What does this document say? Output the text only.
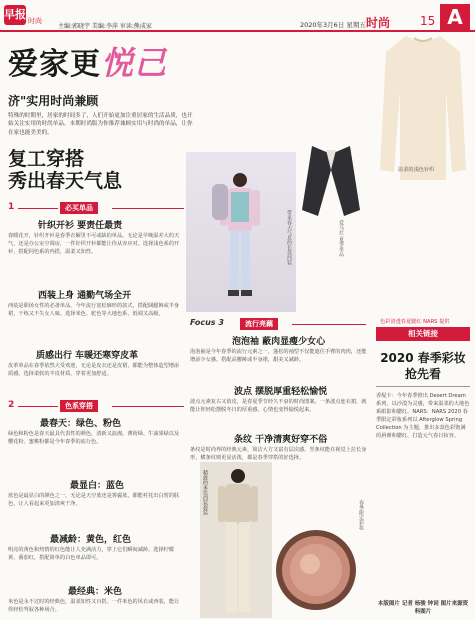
早报 时尚
主编:郭晓宇 美编:李萍 审读:熊成家	2020年3月6日 星期五 时尚 15 A
爱家更悦己
济"实用时尚兼顾
特殊的时期里，居家的时间多了，人们开始更加注重居家的生活品质，也开始关注实用的时尚单品。本期时尚版为你推荐兼顾实用与时尚的单品，让你在家也能美美的。
复工穿搭
秀出春天气息
1	必买单品
针织开衫 要责任最责
春暖花开，针织开衫是春季衣橱里不可或缺的单品。无论是早晚温差大的天气，还是办公室空调房，一件针织开衫都能让你从容应对。选择浅色系的开衫，搭配同色系的内搭，温柔又知性。
西装上身 通勤气场全开
西装是职场女性的必备单品，今年流行宽松廓形的款式，搭配阔腿裤或半身裙，干练又不失女人味。选择米色、驼色等大地色系，低调又高级。
质感出行 车暖还寒穿皮革
皮革单品在春季依然大受欢迎，无论是皮衣还是皮裙，都能为整体造型增添质感。选择柔软的羊皮材质，穿着更加舒适。
2	色系穿搭
最春天：绿色、粉色
绿色和粉色是春天最具代表性的颜色，清新又浪漫。薄荷绿、牛油果绿以及樱花粉、蜜桃粉都是今年春季的流行色。
最显白：蓝色
蓝色是最显白的颜色之一，无论是天空蓝还是雾霾蓝，都能衬托出白皙的肤色，让人看起来更加清爽干净。
最减龄：黄色，红色
明亮的黄色和热情的红色能让人充满活力，穿上它们瞬间减龄。选择柠檬黄、番茄红，搭配简单的白色单品即可。
最经典：米色
米色是永不过时的经典色，温柔知性又百搭。一件米色的风衣或西装，能让你轻松驾驭各种场合。
带来春天气息的长款西装	爱马仕 夏季单品
温柔的浅色针织
色彩清透春夏腮红 NARS 提供
Focus 3	流行亮藕
泡泡袖 蔽肉显瘦少女心
泡泡袖是今年春季的流行元素之一，蓬松的袖型不仅能遮住手臂的肉肉，还能增添少女感。搭配高腰裤或半身裙，甜美又减龄。
波点 摆脱厚重轻松愉悦
波点元素复古又俏皮，是春夏季节经久不衰的时尚图案。一条波点连衣裙，就能让你轻松摆脱冬日的厚重感，心情也变得愉悦起来。
条纹 干净清爽好穿不俗
条纹是时尚界的经典元素，简洁大方又富有层次感。竖条纹能在视觉上拉长身形，横条纹则更显活泼，都是春季穿搭的好选择。
精致的米色西装套装	春季限定彩妆
相关链接
2020 春季彩妆抢先看
香缇卡：今年春季推出 Desert Dream 系列，以沙漠为灵感，带来温柔的大地色系眼影和腮红。NARS：NARS 2020 春季限定彩妆系列以 Afterglow Spring Collection 为主题，推出多款色彩饱满的唇膏和腮红，打造元气春日妆容。
本版图片 记者 杨骏 钟词 图片来源资料图片
